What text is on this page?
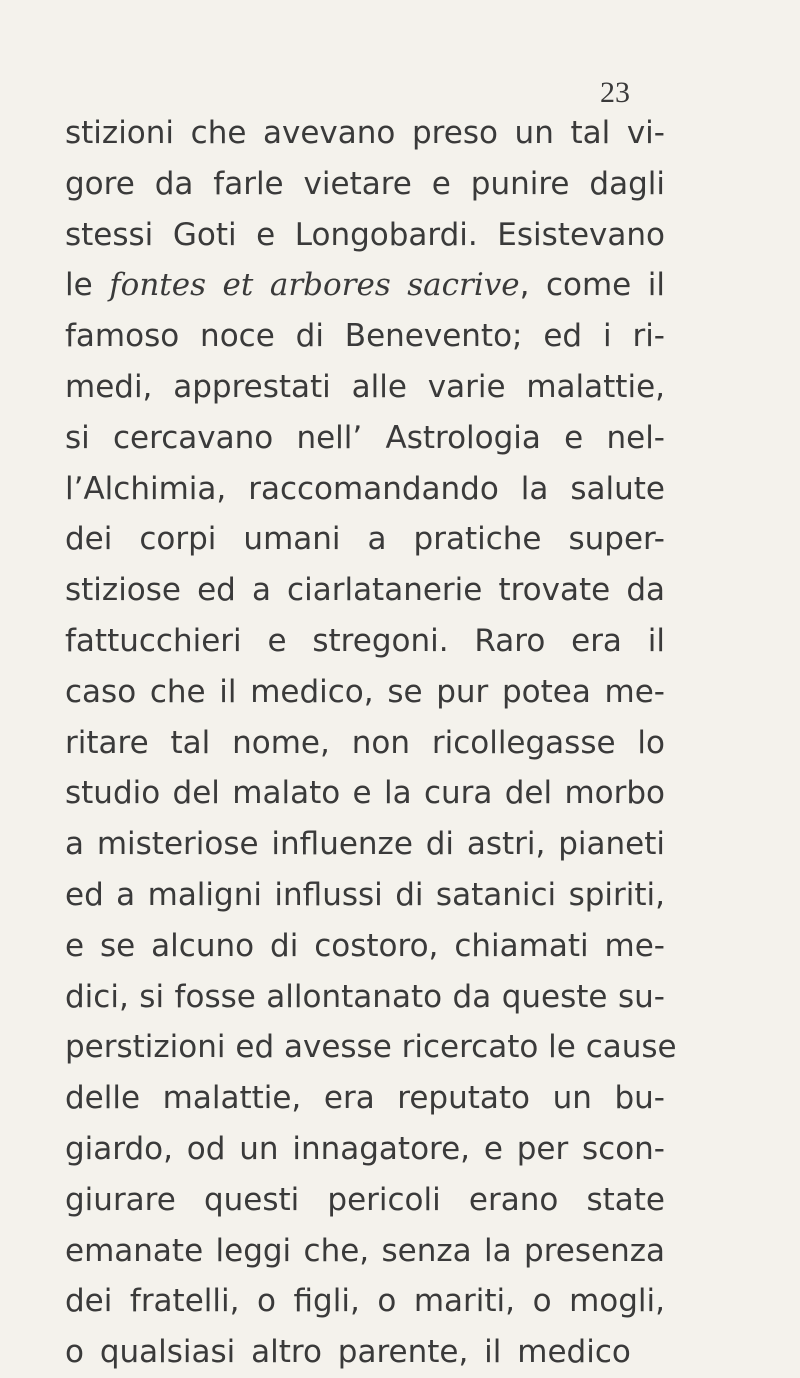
23
stizioni che avevano preso un tal vi-
gore da farle vietare e punire dagli
stessi Goti e Longobardi. Esistevano
le fontes et arbores sacrive, come il
famoso noce di Benevento; ed i ri-
medi, apprestati alle varie malattie,
si cercavano nell’ Astrologia e nel-
l’Alchimia, raccomandando la salute
dei corpi umani a pratiche super-
stiziose ed a ciarlatanerie trovate da
fattucchieri e stregoni. Raro era il
caso che il medico, se pur potea me-
ritare tal nome, non ricollegasse lo
studio del malato e la cura del morbo
a misteriose influenze di astri, pianeti
ed a maligni influssi di satanici spiriti,
e se alcuno di costoro, chiamati me-
dici, si fosse allontanato da queste su-
perstizioni ed avesse ricercato le cause
delle malattie, era reputato un bu-
giardo, od un innagatore, e per scon-
giurare questi pericoli erano state
emanate leggi che, senza la presenza
dei fratelli, o figli, o mariti, o mogli,
o qualsiasi altro parente, il medico
